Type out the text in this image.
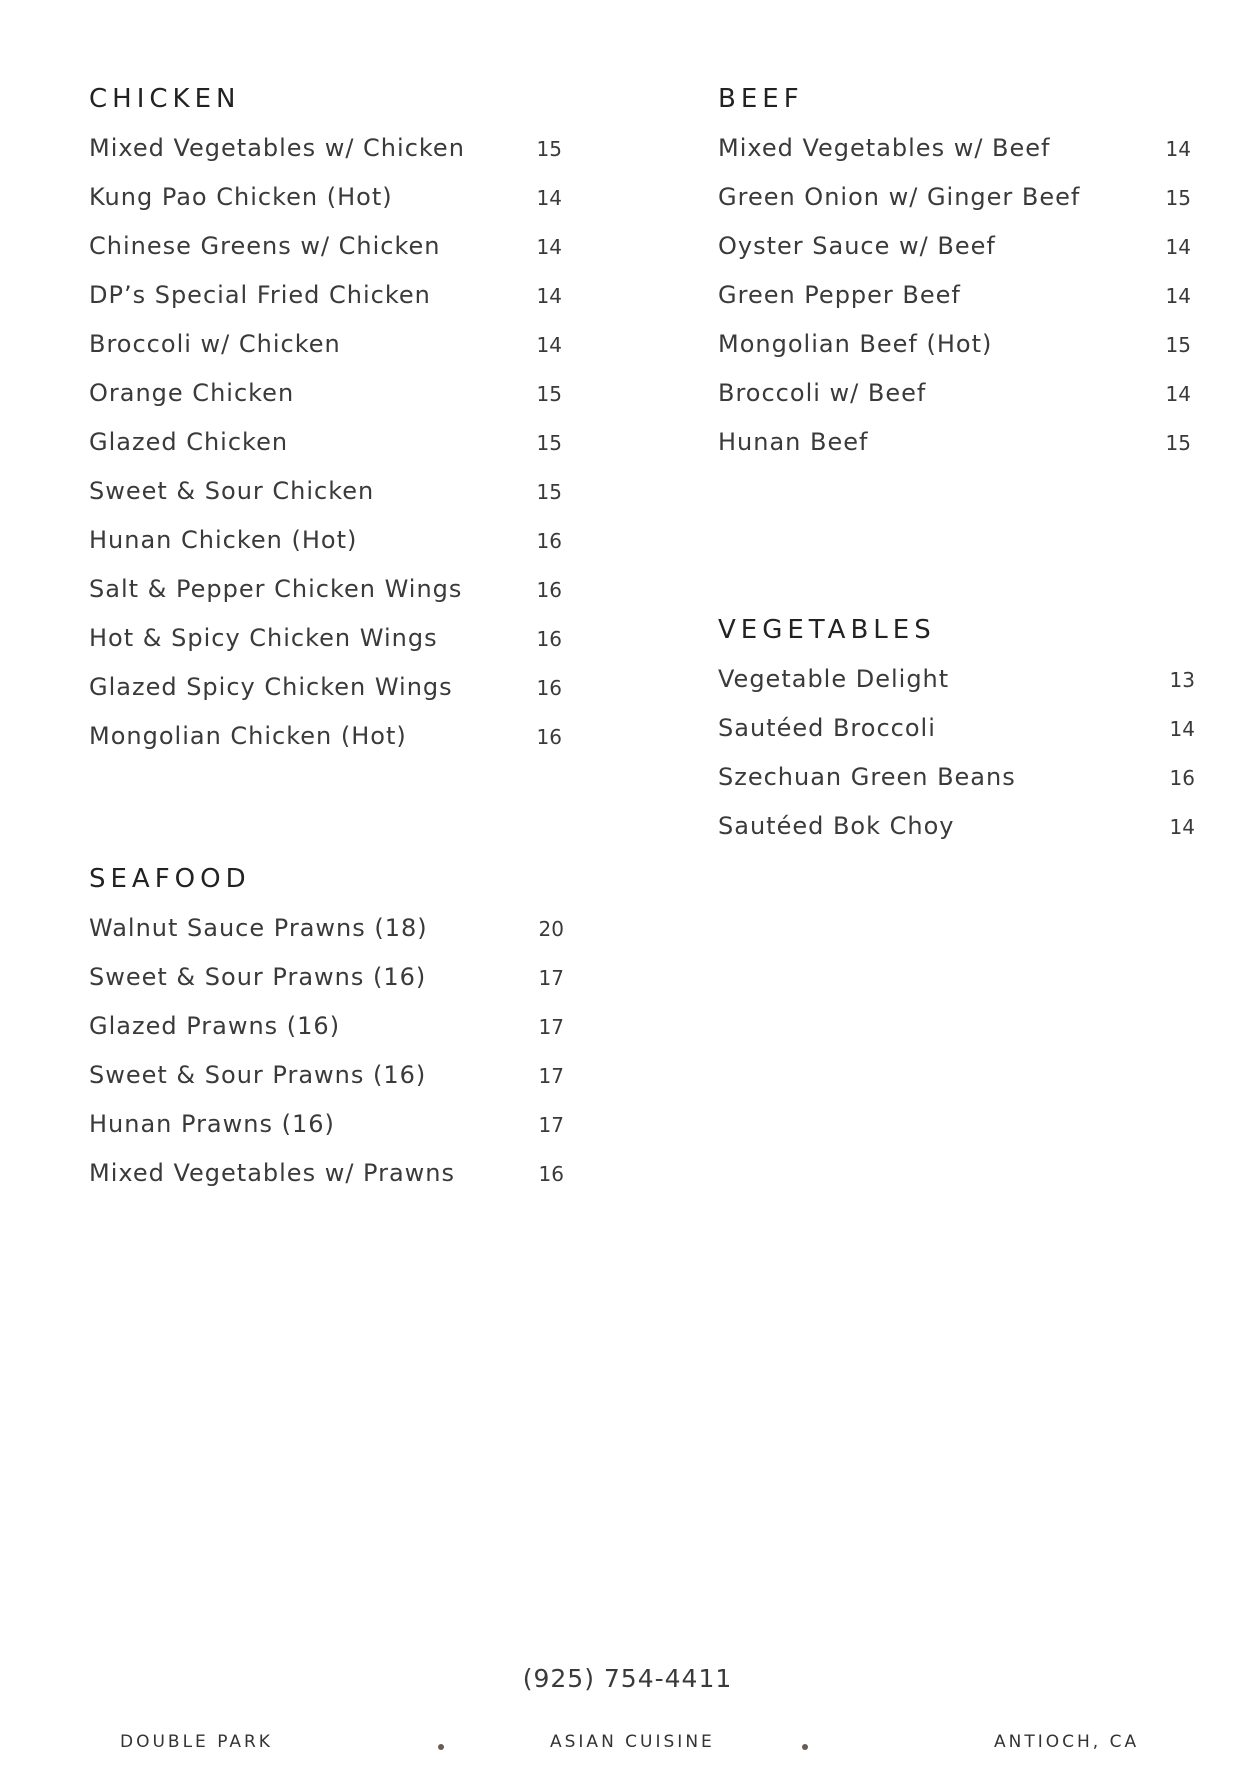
CHICKEN
Mixed Vegetables w/ Chicken	15
Kung Pao Chicken (Hot)	14
Chinese Greens w/ Chicken	14
DP’s Special Fried Chicken	14
Broccoli w/ Chicken	14
Orange Chicken	15
Glazed Chicken	15
Sweet & Sour Chicken	15
Hunan Chicken (Hot)	16
Salt & Pepper Chicken Wings	16
Hot & Spicy Chicken Wings	16
Glazed Spicy Chicken Wings	16
Mongolian Chicken (Hot)	16
BEEF
Mixed Vegetables w/ Beef	14
Green Onion w/ Ginger Beef	15
Oyster Sauce w/ Beef	14
Green Pepper Beef	14
Mongolian Beef (Hot)	15
Broccoli w/ Beef	14
Hunan Beef	15
VEGETABLES
Vegetable Delight	13
Sautéed Broccoli	14
Szechuan Green Beans	16
Sautéed Bok Choy	14
SEAFOOD
Walnut Sauce Prawns (18)	20
Sweet & Sour Prawns (16)	17
Glazed Prawns (16)	17
Sweet & Sour Prawns (16)	17
Hunan Prawns (16)	17
Mixed Vegetables w/ Prawns	16
(925) 754-4411
DOUBLE PARK	ASIAN CUISINE	ANTIOCH, CA
